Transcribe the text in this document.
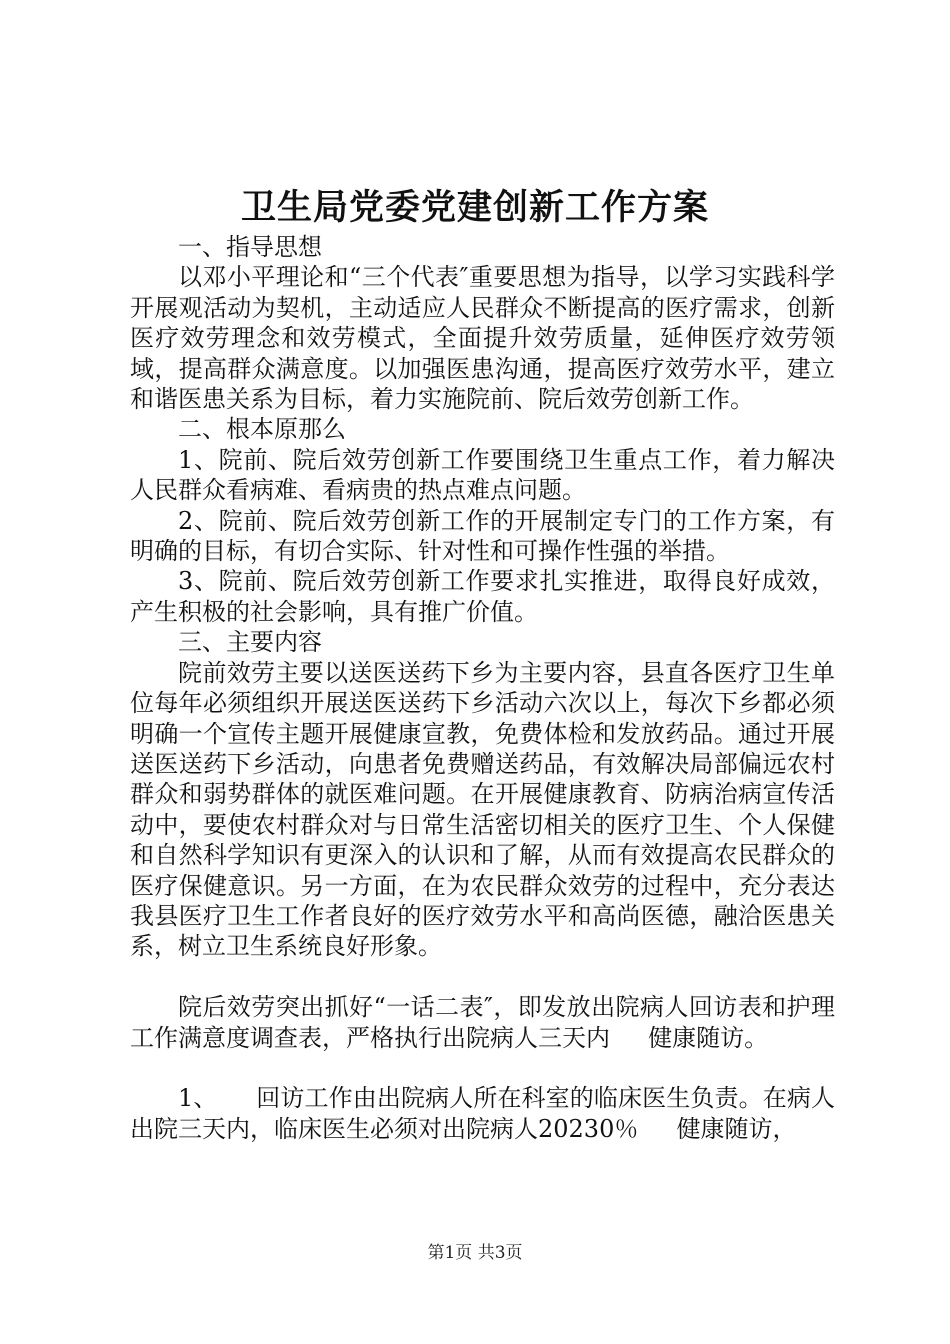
卫生局党委党建创新工作方案

一、指导思想

以邓小平理论和“三个代表″重要思想为指导，以学习实践科学开展观活动为契机，主动适应人民群众不断提高的医疗需求，创新医疗效劳理念和效劳模式，全面提升效劳质量，延伸医疗效劳领域，提高群众满意度。以加强医患沟通，提高医疗效劳水平，建立和谐医患关系为目标，着力实施院前、院后效劳创新工作。

二、根本原那么

1、院前、院后效劳创新工作要围绕卫生重点工作，着力解决人民群众看病难、看病贵的热点难点问题。

2、院前、院后效劳创新工作的开展制定专门的工作方案，有明确的目标，有切合实际、针对性和可操作性强的举措。

3、院前、院后效劳创新工作要求扎实推进，取得良好成效，产生积极的社会影响，具有推广价值。

三、主要内容

院前效劳主要以送医送药下乡为主要内容，县直各医疗卫生单位每年必须组织开展送医送药下乡活动六次以上，每次下乡都必须明确一个宣传主题开展健康宣教，免费体检和发放药品。通过开展送医送药下乡活动，向患者免费赠送药品，有效解决局部偏远农村群众和弱势群体的就医难问题。在开展健康教育、防病治病宣传活动中，要使农村群众对与日常生活密切相关的医疗卫生、个人保健和自然科学知识有更深入的认识和了解，从而有效提高农民群众的医疗保健意识。另一方面，在为农民群众效劳的过程中，充分表达我县医疗卫生工作者良好的医疗效劳水平和高尚医德，融洽医患关系，树立卫生系统良好形象。

院后效劳突出抓好“一话二表″，即发放出院病人回访表和护理工作满意度调查表，严格执行出院病人三天内     健康随访。

1、     回访工作由出院病人所在科室的临床医生负责。在病人出院三天内，临床医生必须对出院病人20230％     健康随访，

第1页 共3页
